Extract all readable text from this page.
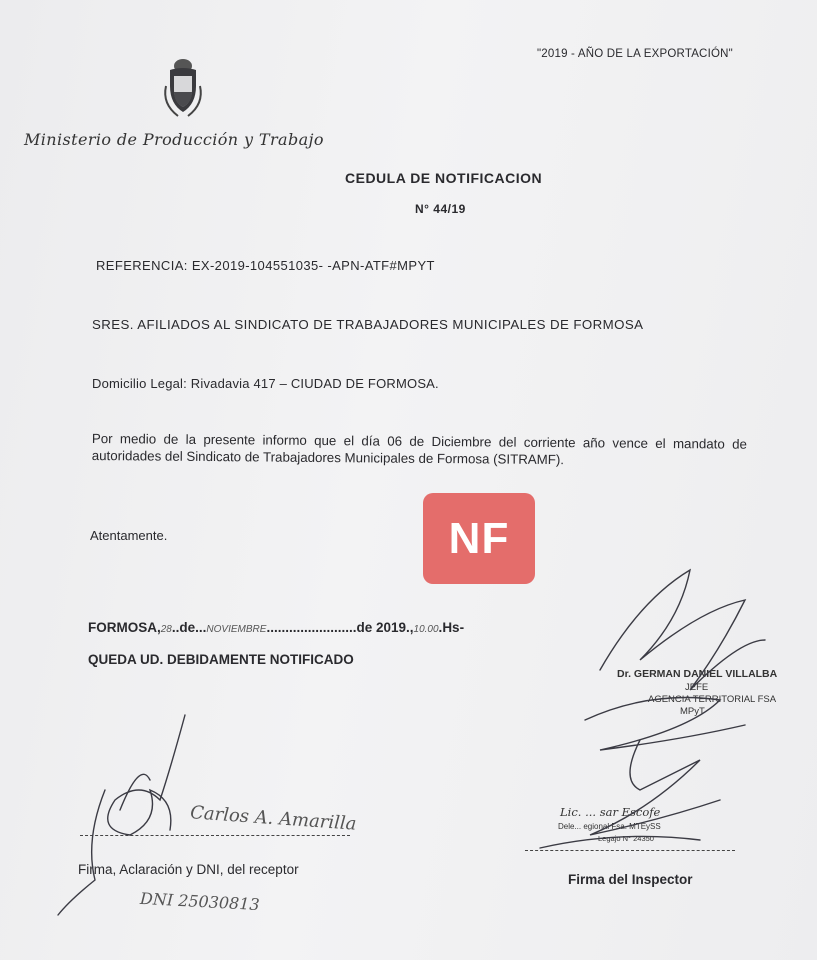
"2019 - AÑO DE LA EXPORTACIÓN"
Ministerio de Producción y Trabajo
CEDULA DE NOTIFICACION
N° 44/19
REFERENCIA: EX-2019-104551035- -APN-ATF#MPYT
SRES. AFILIADOS AL SINDICATO DE TRABAJADORES MUNICIPALES DE FORMOSA
Domicilio Legal: Rivadavia 417 – CIUDAD DE FORMOSA.
Por medio de la presente informo que el día 06 de Diciembre del corriente año vence el mandato de autoridades del Sindicato de Trabajadores Municipales de Formosa (SITRAMF).
Atentamente.	NF
FORMOSA,28..de...NOVIEMBRE........................de 2019.,10.00.Hs-
QUEDA UD. DEBIDAMENTE NOTIFICADO
Dr. GERMAN DANIEL VILLALBA
JEFE
AGENCIA TERRITORIAL FSA
MPyT
Lic. ... sar Escofe
Dele... egional Fsa. MTEySS
Legajo N° 24350
Carlos A. Amarilla
Firma, Aclaración y DNI, del receptor
DNI 25030813
Firma del Inspector
